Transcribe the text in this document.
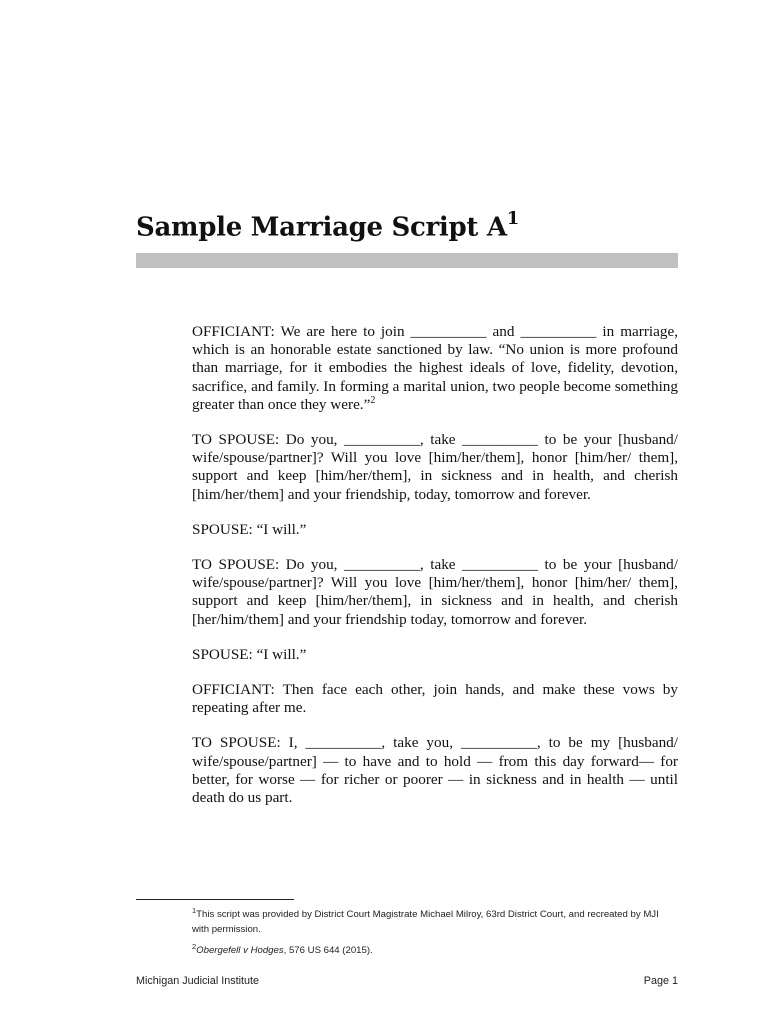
Sample Marriage Script $A^1$

OFFICIANT: We are here to join __________ and __________ in marriage, which is an honorable estate sanctioned by law. “No union is more profound than marriage, for it embodies the highest ideals of love, fidelity, devotion, sacrifice, and family. In forming a marital union, two people become something greater than once they were.”$^2$

TO SPOUSE: Do you, __________, take __________ to be your [husband/ wife/spouse/partner]? Will you love [him/her/them], honor [him/her/ them], support and keep [him/her/them], in sickness and in health, and cherish [him/her/them] and your friendship, today, tomorrow and forever.

SPOUSE: “I will.”

TO SPOUSE: Do you, __________, take __________ to be your [husband/ wife/spouse/partner]? Will you love [him/her/them], honor [him/her/ them], support and keep [him/her/them], in sickness and in health, and cherish [her/him/them] and your friendship today, tomorrow and forever.

SPOUSE: “I will.”

OFFICIANT: Then face each other, join hands, and make these vows by repeating after me.

TO SPOUSE: I, __________, take you, __________, to be my [husband/ wife/spouse/partner] — to have and to hold — from this day forward— for better, for worse — for richer or poorer — in sickness and in health — until death do us part.

$^1$This script was provided by District Court Magistrate Michael Milroy, 63rd District Court, and recreated by MJI with permission.

$^2$Obergefell v Hodges, 576 US 644 (2015).

Michigan Judicial Institute	Page 1
